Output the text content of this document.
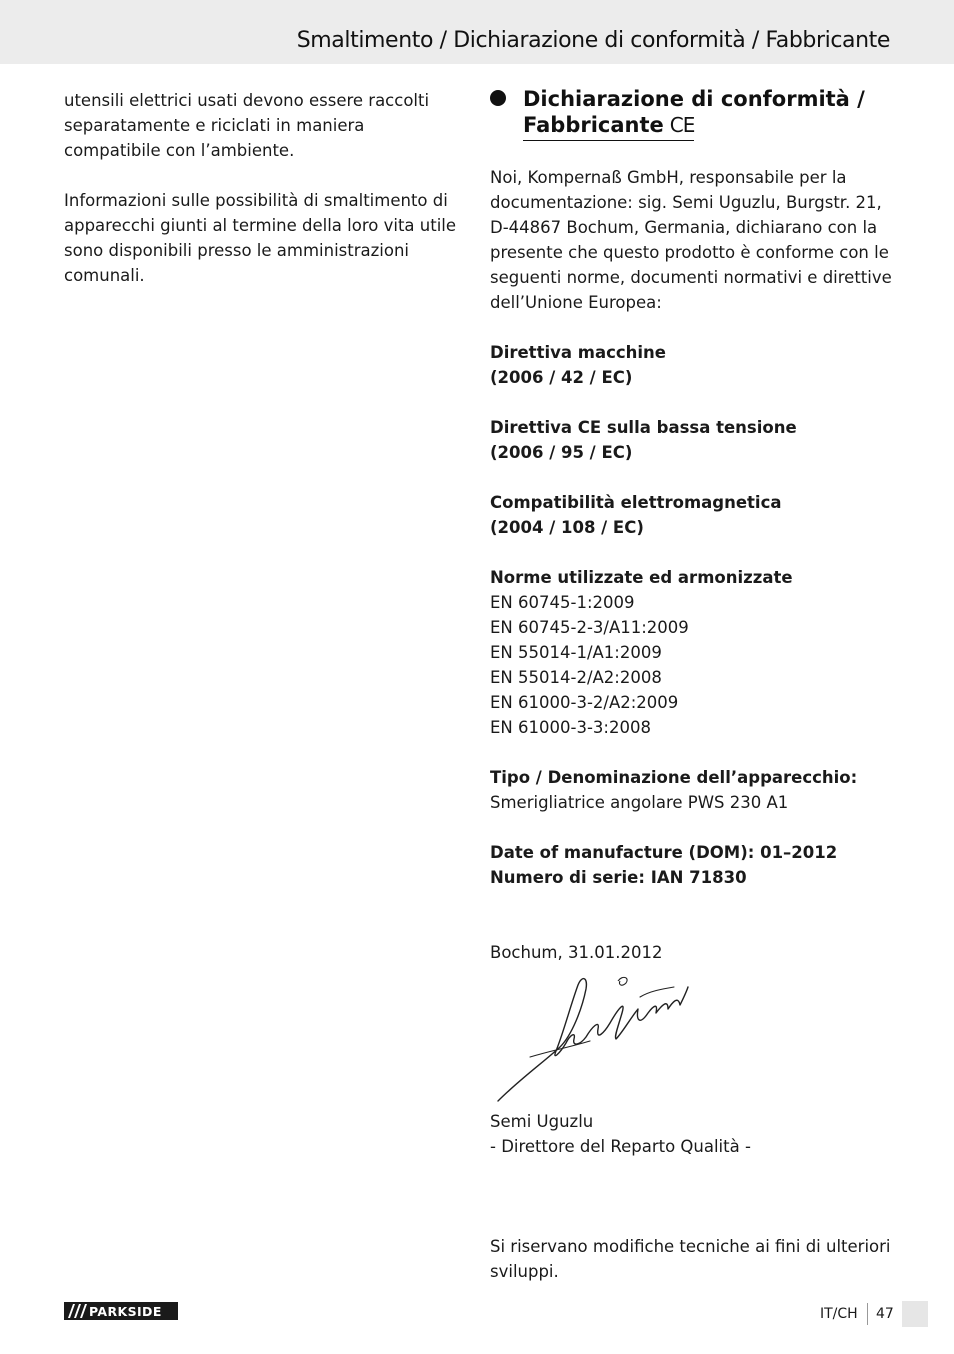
Smaltimento / Dichiarazione di conformità / Fabbricante

utensili elettrici usati devono essere raccolti separatamente e riciclati in maniera compatibile con l’ambiente.

Informazioni sulle possibilità di smaltimento di apparecchi giunti al termine della loro vita utile sono disponibili presso le amministrazioni comunali.

Dichiarazione di conformità /
Fabbricante CE

Noi, Kompernaß GmbH, responsabile per la documentazione: sig. Semi Uguzlu, Burgstr. 21, D-44867 Bochum, Germania, dichiarano con la presente che questo prodotto è conforme con le seguenti norme, documenti normativi e direttive dell’Unione Europea:

Direttiva macchine
(2006 / 42 / EC)
Direttiva CE sulla bassa tensione
(2006 / 95 / EC)
Compatibilità elettromagnetica
(2004 / 108 / EC)
Norme utilizzate ed armonizzate
EN 60745-1:2009
EN 60745-2-3/A11:2009
EN 55014-1/A1:2009
EN 55014-2/A2:2008
EN 61000-3-2/A2:2009
EN 61000-3-3:2008
Tipo / Denominazione dell’apparecchio:
Smerigliatrice angolare PWS 230 A1
Date of manufacture (DOM): 01–2012
Numero di serie: IAN 71830
Bochum, 31.01.2012
Semi Uguzlu
- Direttore del Reparto Qualità -

Si riservano modifiche tecniche ai fini di ulteriori sviluppi.

PARKSIDE	IT/CH 47
